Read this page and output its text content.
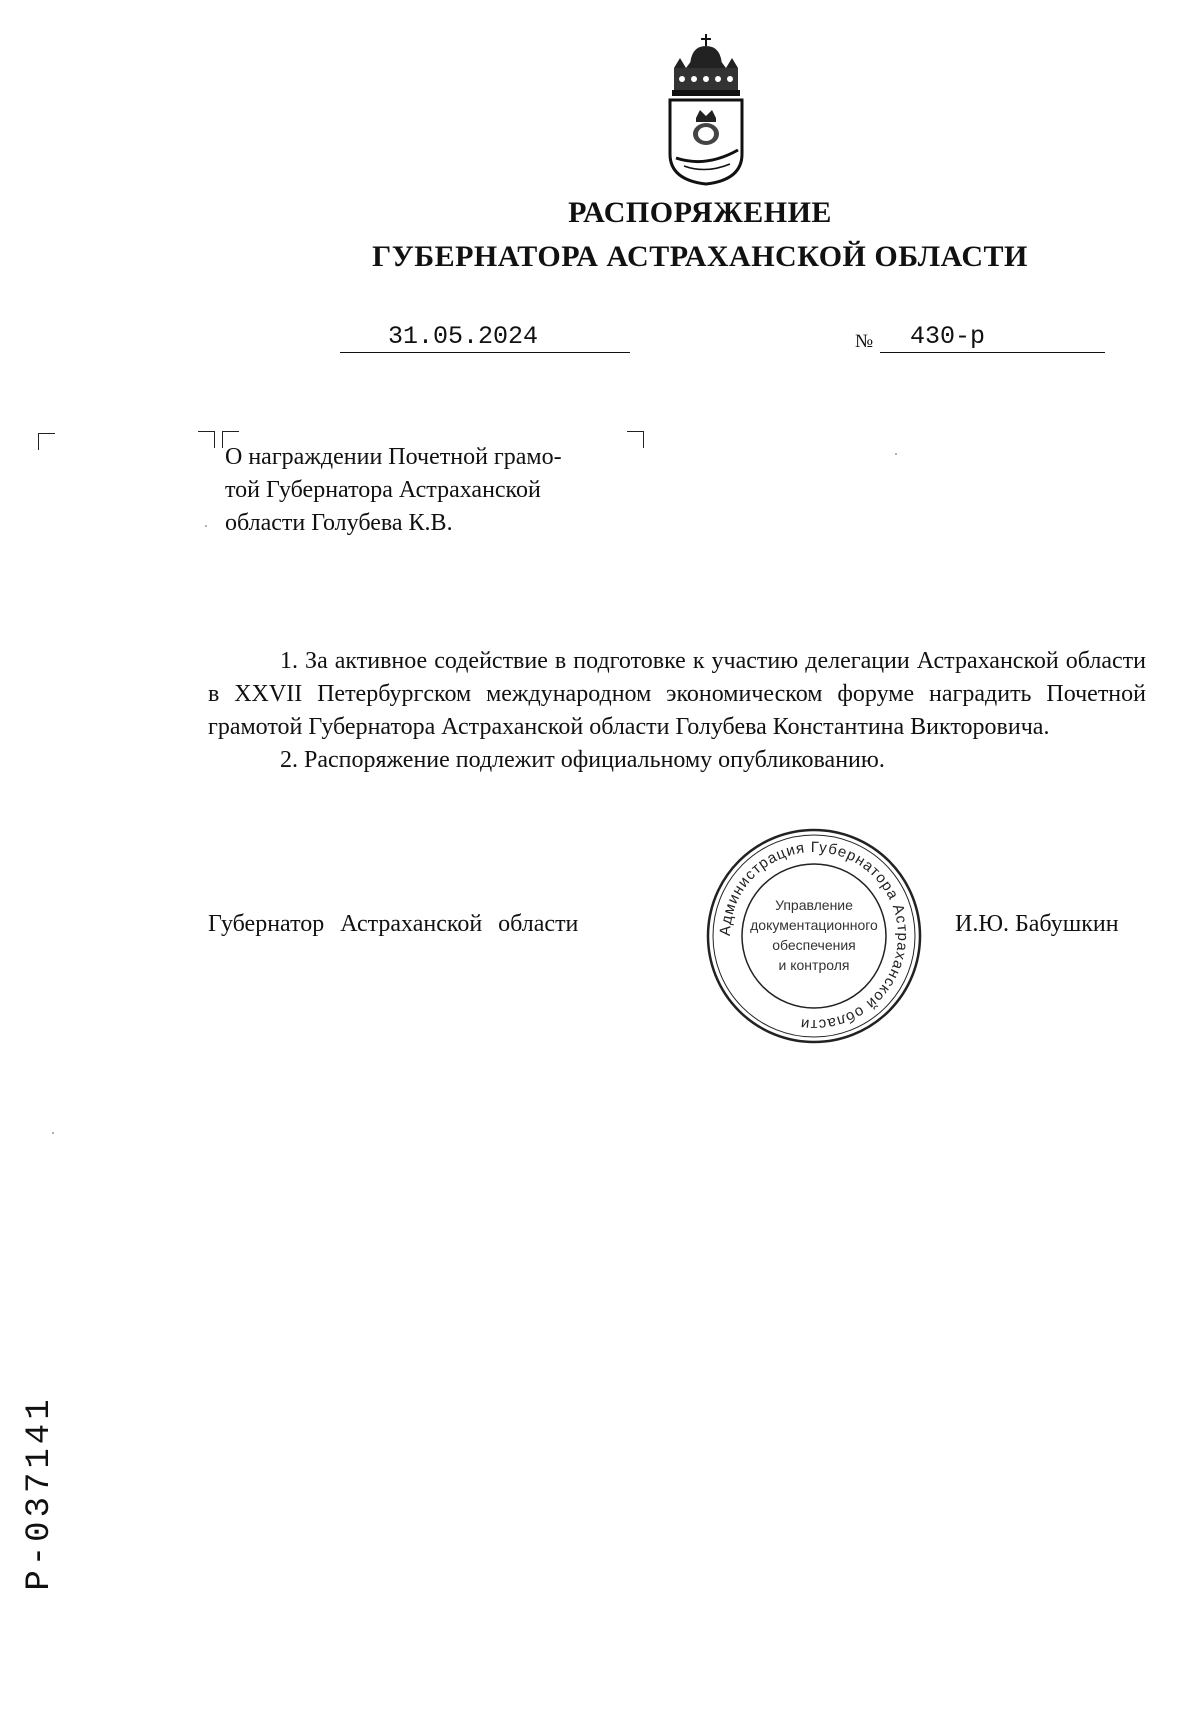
РАСПОРЯЖЕНИЕ
ГУБЕРНАТОРА АСТРАХАНСКОЙ ОБЛАСТИ
31.05.2024	№ 430-р
О награждении Почетной грамо-
той Губернатора Астраханской
области Голубева К.В.

1. За активное содействие в подготовке к участию делегации Астраханской области в XXVII Петербургском международном экономическом форуме наградить Почетной грамотой Губернатора Астраханской области Голубева Константина Викторовича.

2. Распоряжение подлежит официальному опубликованию.

Администрация Губернатора Астраханской области
Управление
документационного
обеспечения
и контроля
Губернатор Астраханской области	И.Ю. Бабушкин
Р-037141
